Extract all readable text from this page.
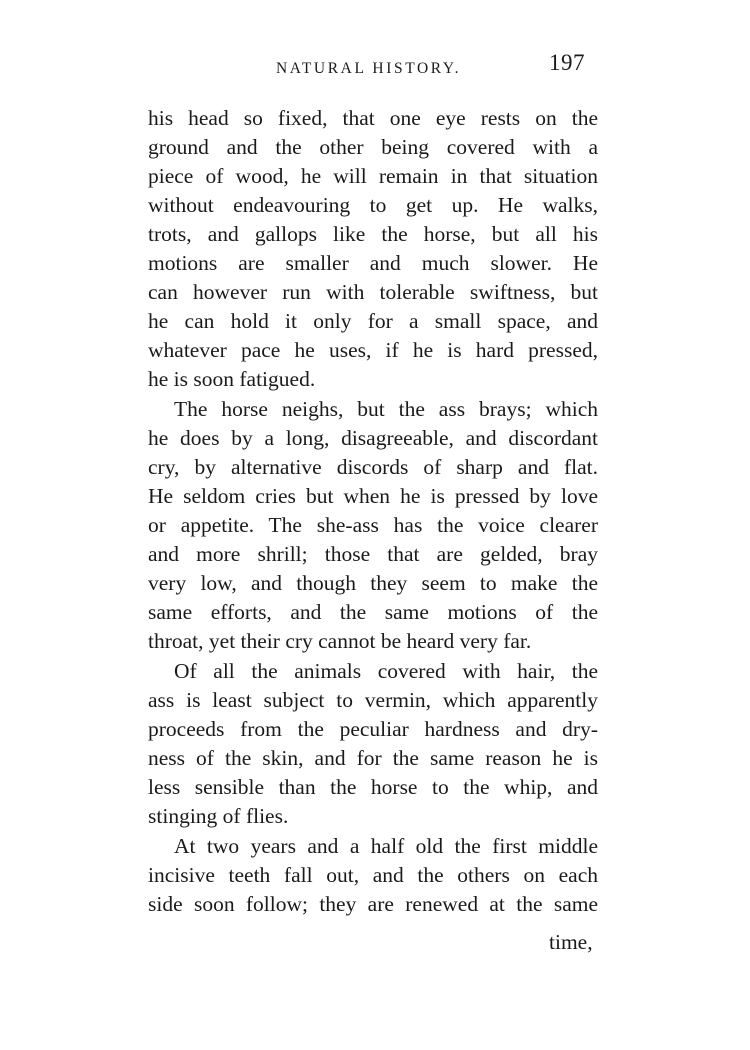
NATURAL HISTORY.	197
his head so fixed, that one eye rests on the
ground and the other being covered with a
piece of wood, he will remain in that situation
without endeavouring to get up. He walks,
trots, and gallops like the horse, but all his
motions are smaller and much slower. He
can however run with tolerable swiftness, but
he can hold it only for a small space, and
whatever pace he uses, if he is hard pressed,
he is soon fatigued.
The horse neighs, but the ass brays; which
he does by a long, disagreeable, and discordant
cry, by alternative discords of sharp and flat.
He seldom cries but when he is pressed by love
or appetite. The she-ass has the voice clearer
and more shrill; those that are gelded, bray
very low, and though they seem to make the
same efforts, and the same motions of the
throat, yet their cry cannot be heard very far.
Of all the animals covered with hair, the
ass is least subject to vermin, which apparently
proceeds from the peculiar hardness and dry-
ness of the skin, and for the same reason he is
less sensible than the horse to the whip, and
stinging of flies.
At two years and a half old the first middle
incisive teeth fall out, and the others on each
side soon follow; they are renewed at the same
time,
